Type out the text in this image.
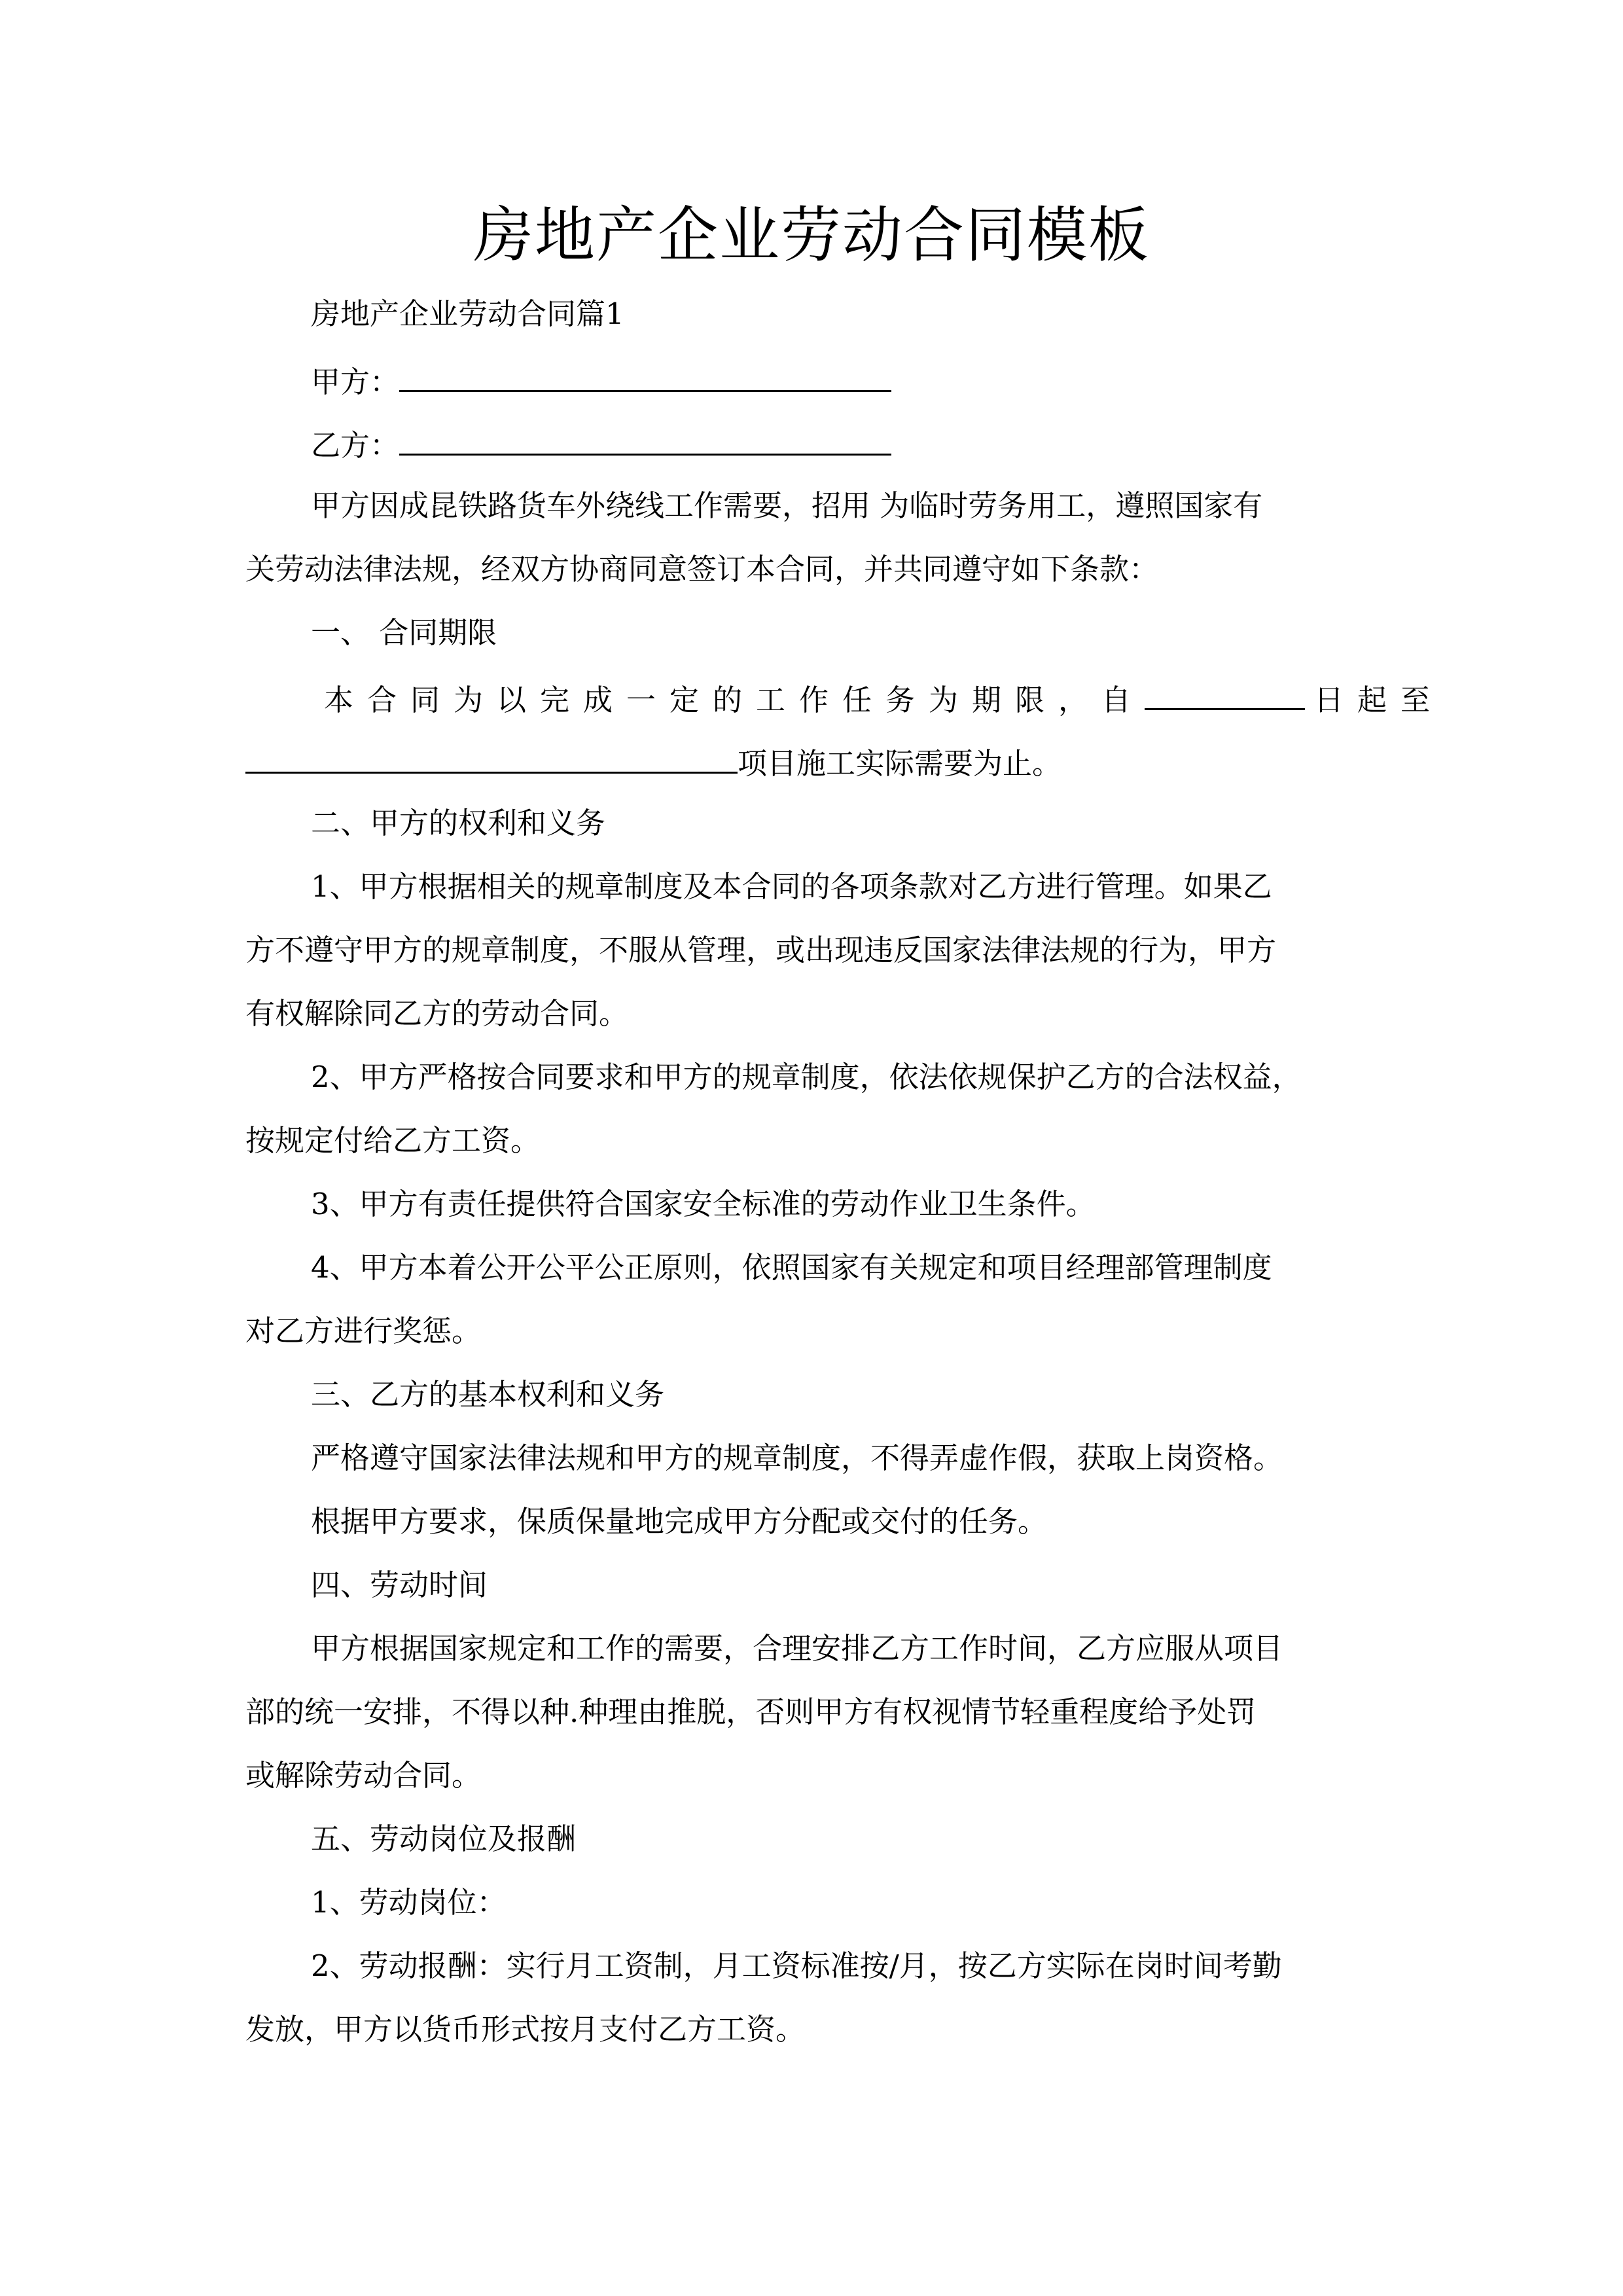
房地产企业劳动合同模板
房地产企业劳动合同篇1
甲方：
乙方：
甲方因成昆铁路货车外绕线工作需要，招用 为临时劳务用工，遵照国家有
关劳动法律法规，经双方协商同意签订本合同，并共同遵守如下条款：
一、 合同期限
本合同为以完成一定的工作任务为期限，自	日起至
项目施工实际需要为止。
二、甲方的权利和义务
1、甲方根据相关的规章制度及本合同的各项条款对乙方进行管理。如果乙
方不遵守甲方的规章制度，不服从管理，或出现违反国家法律法规的行为，甲方
有权解除同乙方的劳动合同。
2、甲方严格按合同要求和甲方的规章制度，依法依规保护乙方的合法权益，
按规定付给乙方工资。
3、甲方有责任提供符合国家安全标准的劳动作业卫生条件。
4、甲方本着公开公平公正原则，依照国家有关规定和项目经理部管理制度
对乙方进行奖惩。
三、乙方的基本权利和义务
严格遵守国家法律法规和甲方的规章制度，不得弄虚作假，获取上岗资格。
根据甲方要求，保质保量地完成甲方分配或交付的任务。
四、劳动时间
甲方根据国家规定和工作的需要，合理安排乙方工作时间，乙方应服从项目
部的统一安排，不得以种.种理由推脱，否则甲方有权视情节轻重程度给予处罚
或解除劳动合同。
五、劳动岗位及报酬
1、劳动岗位：
2、劳动报酬：实行月工资制，月工资标准按/月，按乙方实际在岗时间考勤
发放，甲方以货币形式按月支付乙方工资。
